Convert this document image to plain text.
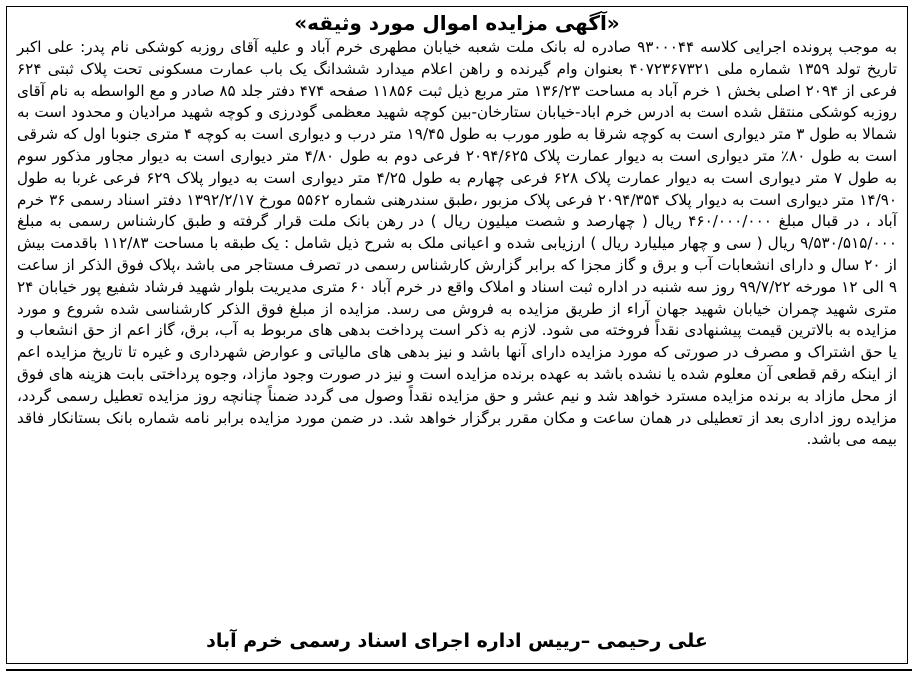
«آگهی مزایده اموال مورد وثیقه»
به موجب پرونده اجرایی کلاسه ۹۳۰۰۰۴۴ صادره له بانک ملت شعبه خیابان مطهری خرم آباد و علیه آقای روزبه کوشکی نام پدر: علی اکبر تاریخ تولد ۱۳۵۹ شماره ملی ۴۰۷۲۳۶۷۳۲۱ بعنوان وام گیرنده و راهن اعلام میدارد ششدانگ یک باب عمارت مسکونی تحت پلاک ثبتی ۶۲۴ فرعی از ۲۰۹۴ اصلی بخش ۱ خرم آباد به مساحت ۱۳۶/۲۳ متر مربع ذیل ثبت ۱۱۸۵۶ صفحه ۴۷۴ دفتر جلد ۸۵ صادر و مع الواسطه به نام آقای روزبه کوشکی منتقل شده است به ادرس خرم اباد-خیابان ستارخان-بین کوچه شهید معظمی گودرزی و کوچه شهید مرادیان و محدود است به شمالا به طول ۳ متر دیواری است به کوچه شرقا به طور مورب به طول ۱۹/۴۵ متر درب و دیواری است به کوچه ۴ متری جنوبا اول که شرقی است به طول ۸۰٪ متر دیواری است به دیوار عمارت پلاک ۲۰۹۴/۶۲۵ فرعی دوم به طول ۴/۸۰ متر دیواری است به دیوار مجاور مذکور سوم به طول ۷ متر دیواری است به دیوار عمارت پلاک ۶۲۸ فرعی چهارم به طول ۴/۲۵ متر دیواری است به دیوار پلاک ۶۲۹ فرعی غربا به طول ۱۴/۹۰ متر دیواری است به دیوار پلاک ۲۰۹۴/۳۵۴ فرعی پلاک مزبور ،طبق سندرهنی شماره ۵۵۶۲ مورخ ۱۳۹۲/۲/۱۷ دفتر اسناد رسمی ۳۶ خرم آباد ، در قبال مبلغ ۴۶۰/۰۰۰/۰۰۰ ریال ( چهارصد و شصت میلیون ریال ) در رهن بانک ملت قرار گرفته و طبق کارشناس رسمی به مبلغ ۹/۵۳۰/۵۱۵/۰۰۰ ریال ( سی و چهار میلیارد ریال ) ارزیابی شده و اعیانی ملک به شرح ذیل شامل : یک طبقه با مساحت ۱۱۲/۸۳ باقدمت بیش از ۲۰ سال و دارای انشعابات آب و برق و گاز مجزا که برابر گزارش کارشناس رسمی در تصرف مستاجر می باشد ،پلاک فوق الذکر از ساعت ۹ الی ۱۲ مورخه ۹۹/۷/۲۲ روز سه شنبه در اداره ثبت اسناد و املاک واقع در خرم آباد ۶۰ متری مدیریت بلوار شهید فرشاد شفیع پور خیابان ۲۴ متری شهید چمران خیابان شهید جهان آراء از طریق مزایده به فروش می رسد. مزایده از مبلغ فوق الذکر کارشناسی شده شروع و مورد مزایده به بالاترین قیمت پیشنهادی نقداً فروخته می شود. لازم به ذکر است پرداخت بدهی های مربوط به آب، برق، گاز اعم از حق انشعاب و یا حق اشتراک و مصرف در صورتی که مورد مزایده دارای آنها باشد و نیز بدهی های مالیاتی و عوارض شهرداری و غیره تا تاریخ مزایده اعم از اینکه رقم قطعی آن معلوم شده یا نشده باشد به عهده برنده مزایده است و نیز در صورت وجود مازاد، وجوه پرداختی بابت هزینه های فوق از محل مازاد به برنده مزایده مسترد خواهد شد و نیم عشر و حق مزایده نقداً وصول می گردد ضمناً چنانچه روز مزایده تعطیل رسمی گردد، مزایده روز اداری بعد از تعطیلی در همان ساعت و مکان مقرر برگزار خواهد شد. در ضمن مورد مزایده برابر نامه شماره بانک بستانکار فاقد بیمه می باشد.
علی رحیمی –رییس اداره اجرای اسناد رسمی خرم آباد
